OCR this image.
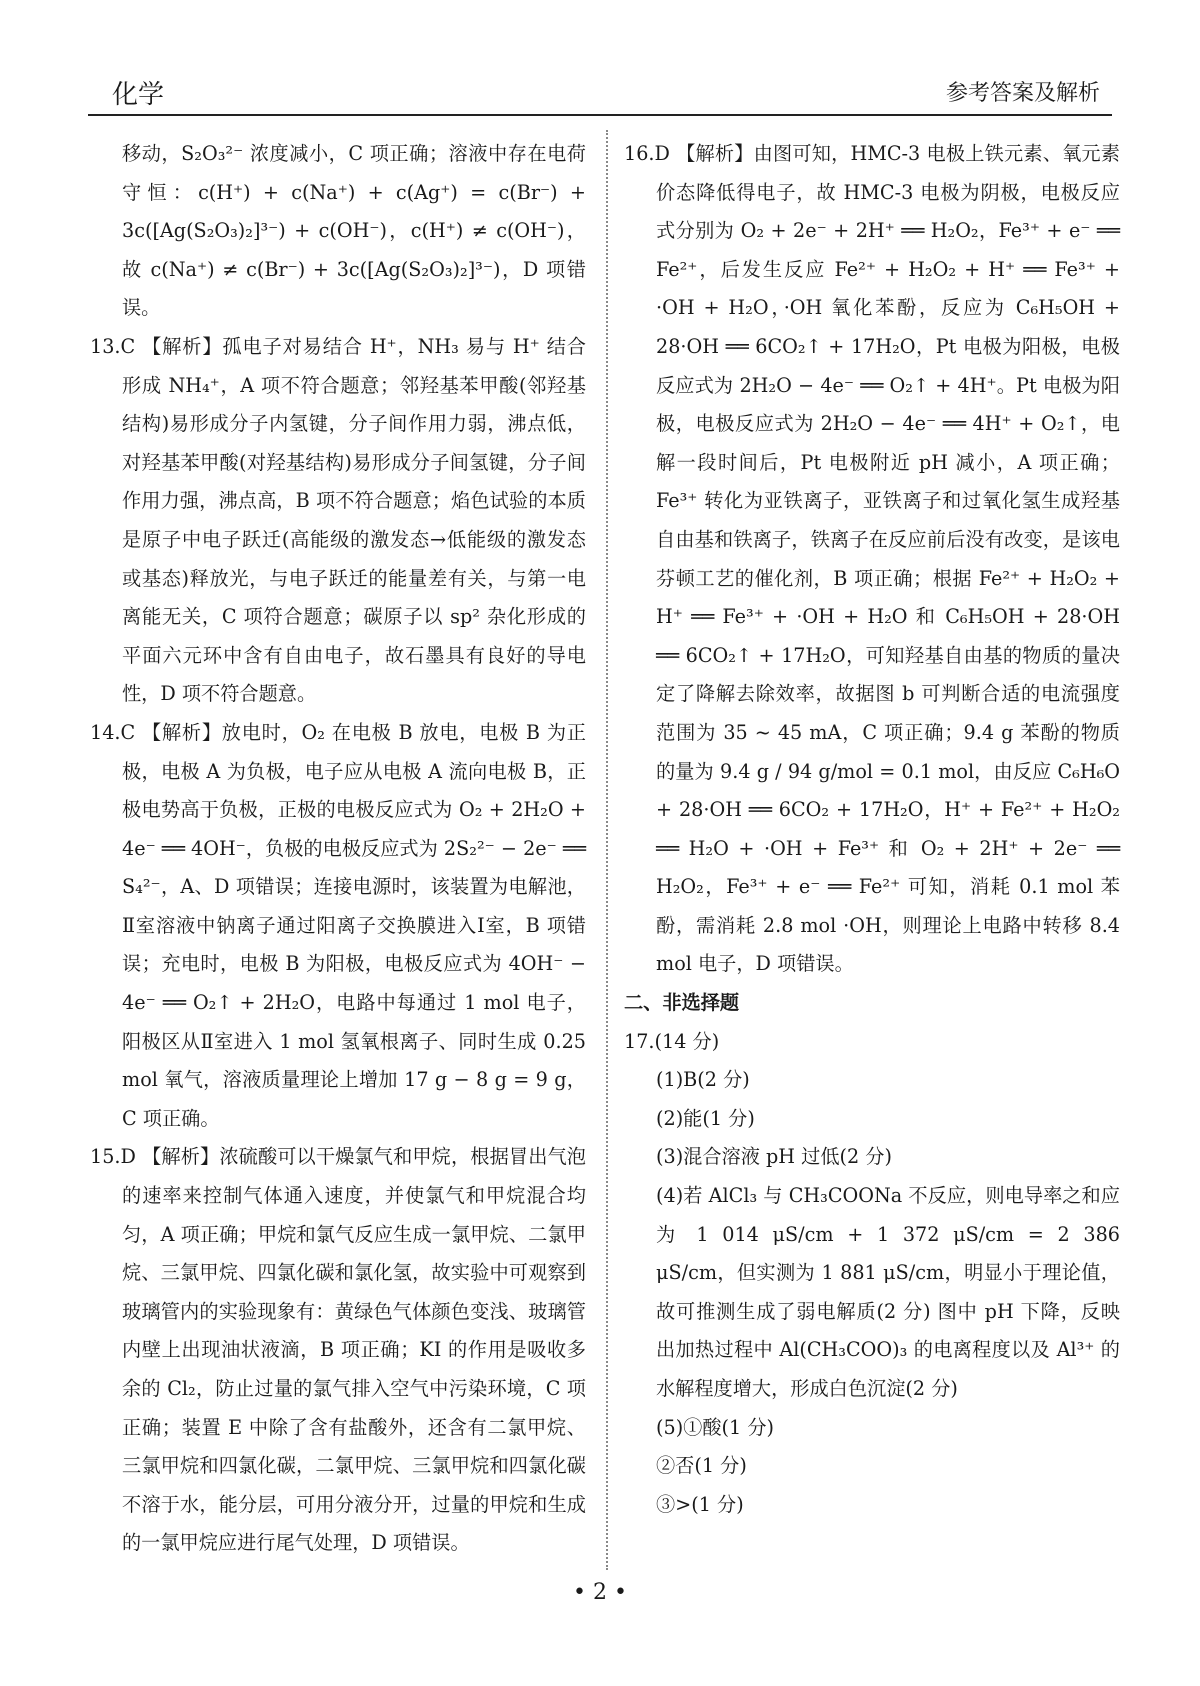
化学	参考答案及解析

移动，S₂O₃²⁻ 浓度减小，C 项正确；溶液中存在电荷守恒：c(H⁺) + c(Na⁺) + c(Ag⁺) = c(Br⁻) + 3c([Ag(S₂O₃)₂]³⁻) + c(OH⁻)，c(H⁺) ≠ c(OH⁻)，故 c(Na⁺) ≠ c(Br⁻) + 3c([Ag(S₂O₃)₂]³⁻)，D 项错误。

13.C 【解析】孤电子对易结合 H⁺，NH₃ 易与 H⁺ 结合形成 NH₄⁺，A 项不符合题意；邻羟基苯甲酸(邻羟基结构)易形成分子内氢键，分子间作用力弱，沸点低，对羟基苯甲酸(对羟基结构)易形成分子间氢键，分子间作用力强，沸点高，B 项不符合题意；焰色试验的本质是原子中电子跃迁(高能级的激发态→低能级的激发态或基态)释放光，与电子跃迁的能量差有关，与第一电离能无关，C 项符合题意；碳原子以 sp² 杂化形成的平面六元环中含有自由电子，故石墨具有良好的导电性，D 项不符合题意。

14.C 【解析】放电时，O₂ 在电极 B 放电，电极 B 为正极，电极 A 为负极，电子应从电极 A 流向电极 B，正极电势高于负极，正极的电极反应式为 O₂ + 2H₂O + 4e⁻ ══ 4OH⁻，负极的电极反应式为 2S₂²⁻ − 2e⁻ ══ S₄²⁻，A、D 项错误；连接电源时，该装置为电解池，Ⅱ室溶液中钠离子通过阳离子交换膜进入Ⅰ室，B 项错误；充电时，电极 B 为阳极，电极反应式为 4OH⁻ − 4e⁻ ══ O₂↑ + 2H₂O，电路中每通过 1 mol 电子，阳极区从Ⅱ室进入 1 mol 氢氧根离子、同时生成 0.25 mol 氧气，溶液质量理论上增加 17 g − 8 g = 9 g，C 项正确。

15.D 【解析】浓硫酸可以干燥氯气和甲烷，根据冒出气泡的速率来控制气体通入速度，并使氯气和甲烷混合均匀，A 项正确；甲烷和氯气反应生成一氯甲烷、二氯甲烷、三氯甲烷、四氯化碳和氯化氢，故实验中可观察到玻璃管内的实验现象有：黄绿色气体颜色变浅、玻璃管内壁上出现油状液滴，B 项正确；KI 的作用是吸收多余的 Cl₂，防止过量的氯气排入空气中污染环境，C 项正确；装置 E 中除了含有盐酸外，还含有二氯甲烷、三氯甲烷和四氯化碳，二氯甲烷、三氯甲烷和四氯化碳不溶于水，能分层，可用分液分开，过量的甲烷和生成的一氯甲烷应进行尾气处理，D 项错误。

16.D 【解析】由图可知，HMC-3 电极上铁元素、氧元素价态降低得电子，故 HMC-3 电极为阴极，电极反应式分别为 O₂ + 2e⁻ + 2H⁺ ══ H₂O₂，Fe³⁺ + e⁻ ══ Fe²⁺，后发生反应 Fe²⁺ + H₂O₂ + H⁺ ══ Fe³⁺ + ·OH + H₂O，·OH 氧化苯酚，反应为 C₆H₅OH + 28·OH ══ 6CO₂↑ + 17H₂O，Pt 电极为阳极，电极反应式为 2H₂O − 4e⁻ ══ O₂↑ + 4H⁺。Pt 电极为阳极，电极反应式为 2H₂O − 4e⁻ ══ 4H⁺ + O₂↑，电解一段时间后，Pt 电极附近 pH 减小，A 项正确；Fe³⁺ 转化为亚铁离子，亚铁离子和过氧化氢生成羟基自由基和铁离子，铁离子在反应前后没有改变，是该电芬顿工艺的催化剂，B 项正确；根据 Fe²⁺ + H₂O₂ + H⁺ ══ Fe³⁺ + ·OH + H₂O 和 C₆H₅OH + 28·OH ══ 6CO₂↑ + 17H₂O，可知羟基自由基的物质的量决定了降解去除效率，故据图 b 可判断合适的电流强度范围为 35 ~ 45 mA，C 项正确；9.4 g 苯酚的物质的量为 9.4 g / 94 g/mol = 0.1 mol，由反应 C₆H₆O + 28·OH ══ 6CO₂ + 17H₂O，H⁺ + Fe²⁺ + H₂O₂ ══ H₂O + ·OH + Fe³⁺ 和 O₂ + 2H⁺ + 2e⁻ ══ H₂O₂，Fe³⁺ + e⁻ ══ Fe²⁺ 可知，消耗 0.1 mol 苯酚，需消耗 2.8 mol ·OH，则理论上电路中转移 8.4 mol 电子，D 项错误。

二、非选择题

17.(14 分)

(1)B(2 分)

(2)能(1 分)

(3)混合溶液 pH 过低(2 分)

(4)若 AlCl₃ 与 CH₃COONa 不反应，则电导率之和应为 1 014 μS/cm + 1 372 μS/cm = 2 386 μS/cm，但实测为 1 881 μS/cm，明显小于理论值，故可推测生成了弱电解质(2 分) 图中 pH 下降，反映出加热过程中 Al(CH₃COO)₃ 的电离程度以及 Al³⁺ 的水解程度增大，形成白色沉淀(2 分)

(5)①酸(1 分)

②否(1 分)

③>(1 分)

• 2 •
